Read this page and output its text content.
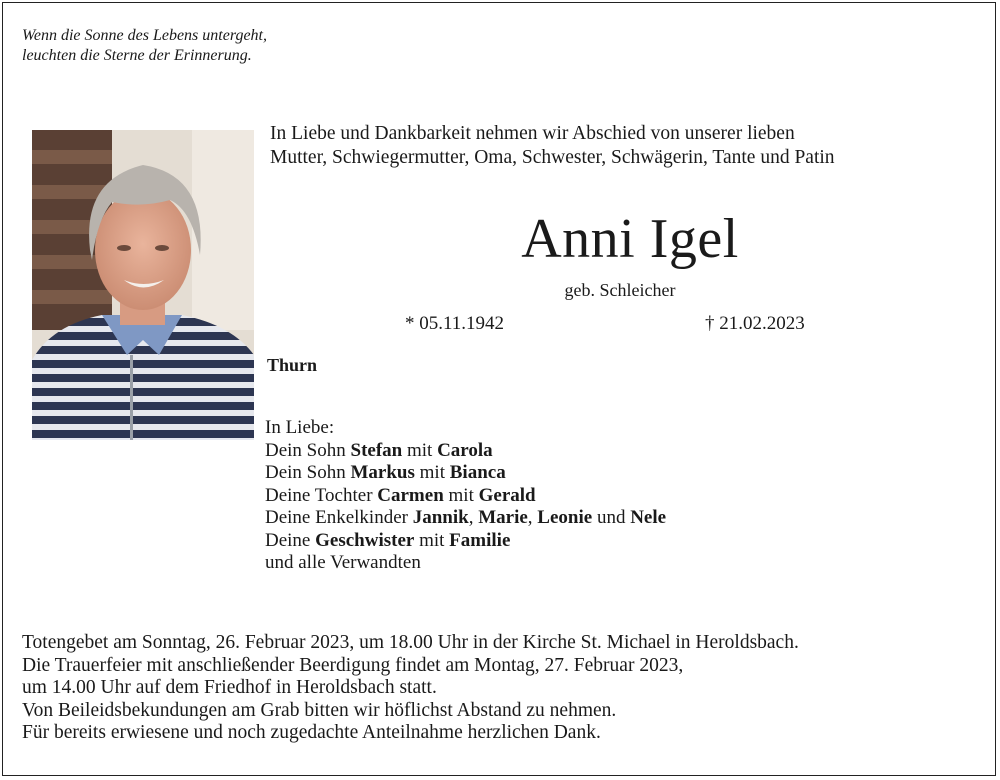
Wenn die Sonne des Lebens untergeht,
leuchten die Sterne der Erinnerung.
In Liebe und Dankbarkeit nehmen wir Abschied von unserer lieben
Mutter, Schwiegermutter, Oma, Schwester, Schwägerin, Tante und Patin
Anni Igel
geb. Schleicher
* 05.11.1942	† 21.02.2023
Thurn
In Liebe:
Dein Sohn Stefan mit Carola
Dein Sohn Markus mit Bianca
Deine Tochter Carmen mit Gerald
Deine Enkelkinder Jannik, Marie, Leonie und Nele
Deine Geschwister mit Familie
und alle Verwandten
Totengebet am Sonntag, 26. Februar 2023, um 18.00 Uhr in der Kirche St. Michael in Heroldsbach.
Die Trauerfeier mit anschließender Beerdigung findet am Montag, 27. Februar 2023,
um 14.00 Uhr auf dem Friedhof in Heroldsbach statt.
Von Beileidsbekundungen am Grab bitten wir höflichst Abstand zu nehmen.
Für bereits erwiesene und noch zugedachte Anteilnahme herzlichen Dank.
